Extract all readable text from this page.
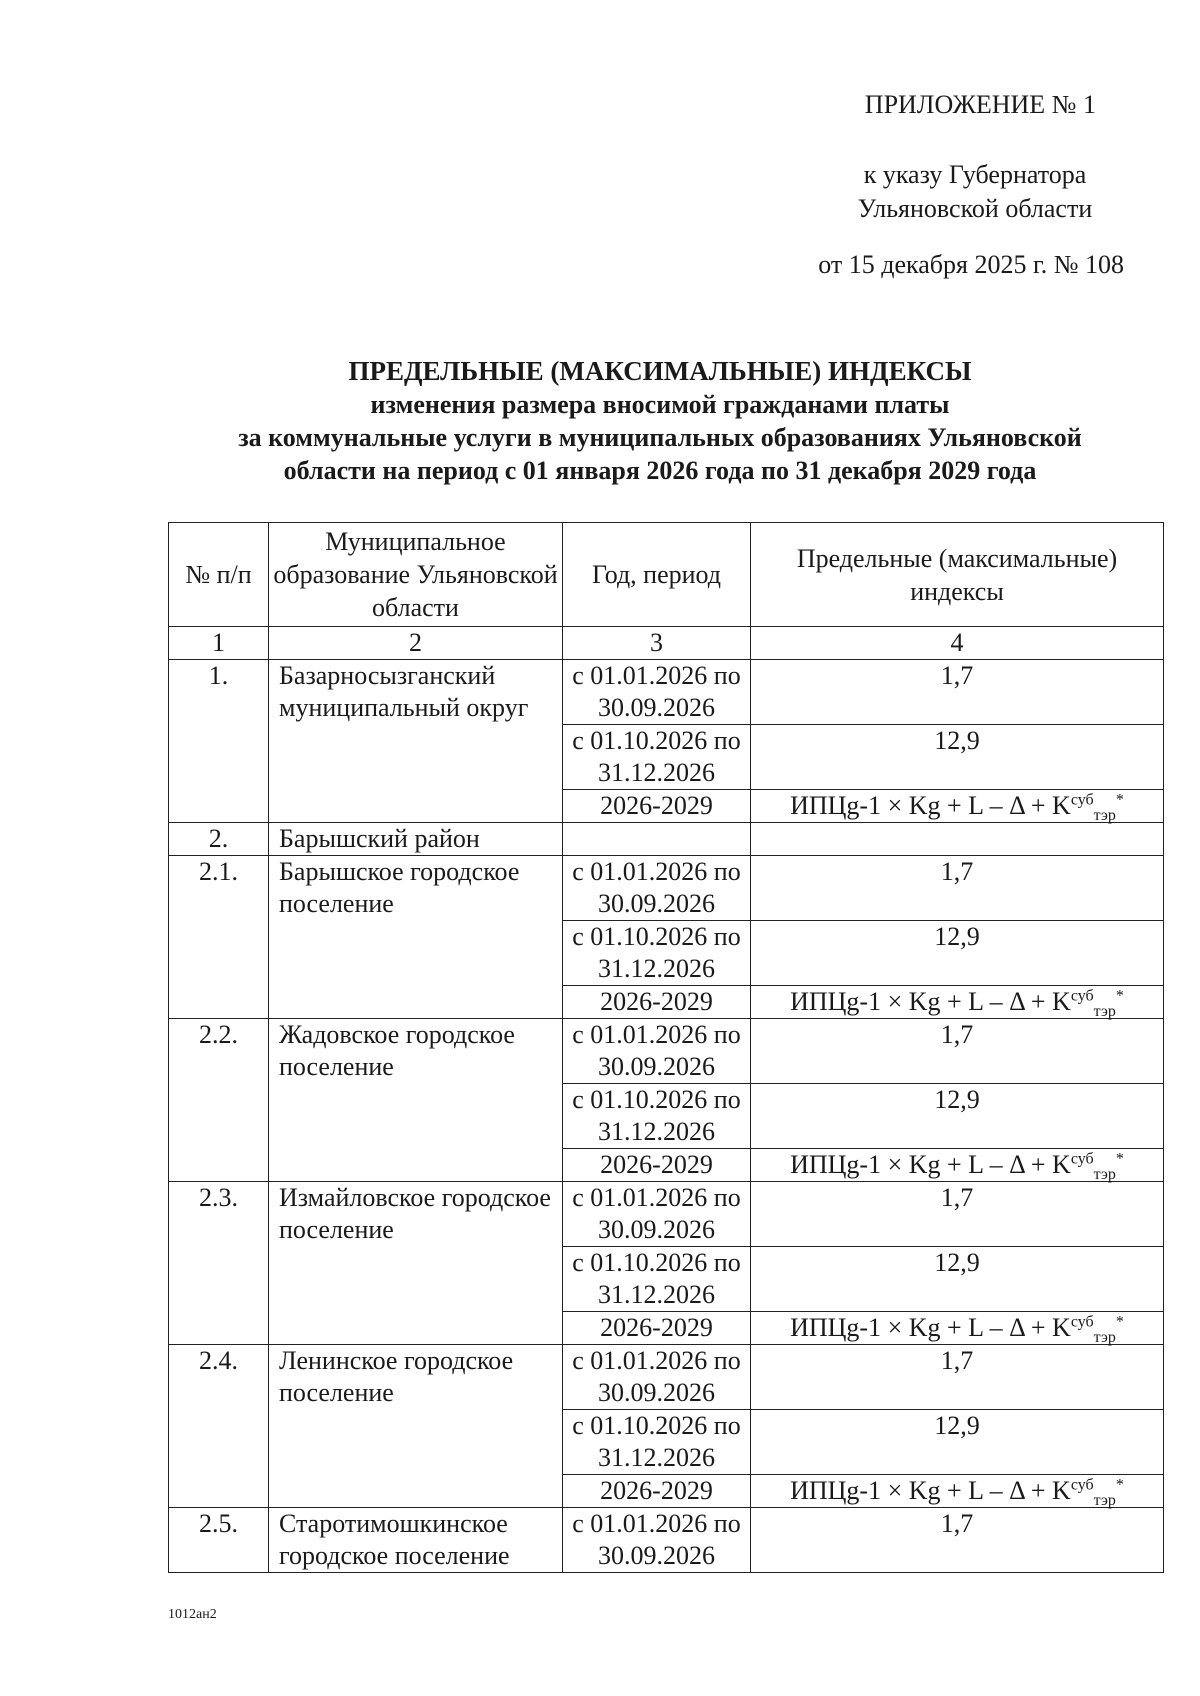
ПРИЛОЖЕНИЕ № 1
к указу Губернатора
Ульяновской области
от 15 декабря 2025 г. № 108
ПРЕДЕЛЬНЫЕ (МАКСИМАЛЬНЫЕ) ИНДЕКСЫ
изменения размера вносимой гражданами платы
за коммунальные услуги в муниципальных образованиях Ульяновской
области на период с 01 января 2026 года по 31 декабря 2029 года
№ п/п	Муниципальное образование Ульяновской области	Год, период	Предельные (максимальные) индексы
1	2	3	4
1.	Базарносызганский муниципальный округ	с 01.01.2026 по 30.09.2026	1,7
		с 01.10.2026 по 31.12.2026	12,9
		2026-2029	ИПЦg-1 × $Kg + L - \Delta + K^{суб}_{тэр}^*$
2.	Барышский район		
2.1.	Барышское городское поселение	с 01.01.2026 по 30.09.2026	1,7
		с 01.10.2026 по 31.12.2026	12,9
		2026-2029	ИПЦg-1 × $Kg + L - \Delta + K^{суб}_{тэр}^*$
2.2.	Жадовское городское поселение	с 01.01.2026 по 30.09.2026	1,7
		с 01.10.2026 по 31.12.2026	12,9
		2026-2029	ИПЦg-1 × $Kg + L - \Delta + K^{суб}_{тэр}^*$
2.3.	Измайловское городское поселение	с 01.01.2026 по 30.09.2026	1,7
		с 01.10.2026 по 31.12.2026	12,9
		2026-2029	ИПЦg-1 × $Kg + L - \Delta + K^{суб}_{тэр}^*$
2.4.	Ленинское городское поселение	с 01.01.2026 по 30.09.2026	1,7
		с 01.10.2026 по 31.12.2026	12,9
		2026-2029	ИПЦg-1 × $Kg + L - \Delta + K^{суб}_{тэр}^*$
2.5.	Старотимошкинское городское поселение	с 01.01.2026 по 30.09.2026	1,7
1012ан2
